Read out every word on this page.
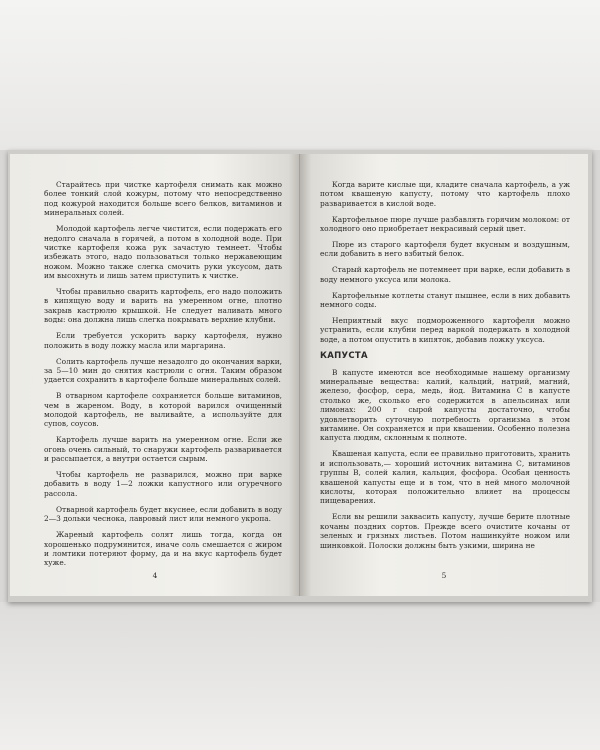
Старайтесь при чистке картофеля снимать как можно более тонкий слой кожуры, потому что непосредственно под кожурой находится больше всего белков, витаминов и минеральных солей.

Молодой картофель легче чистится, если подержать его недолго сначала в горячей, а потом в холодной воде. При чистке картофеля кожа рук зачастую темнеет. Чтобы избежать этого, надо пользоваться только нержавеющим ножом. Можно также слегка смочить руки уксусом, дать им высохнуть и лишь затем приступить к чистке.

Чтобы правильно сварить картофель, его надо положить в кипящую воду и варить на умеренном огне, плотно закрыв кастрюлю крышкой. Не следует наливать много воды: она должна лишь слегка покрывать верхние клубни.

Если требуется ускорить варку картофеля, нужно положить в воду ложку масла или маргарина.

Солить картофель лучше незадолго до окончания варки, за 5—10 мин до снятия кастрюли с огня. Таким образом удается сохранить в картофеле больше минеральных солей.

В отварном картофеле сохраняется больше витаминов, чем в жареном. Воду, в которой варился очищенный молодой картофель, не выливайте, а используйте для супов, соусов.

Картофель лучше варить на умеренном огне. Если же огонь очень сильный, то снаружи картофель разваривается и рассыпается, а внутри остается сырым.

Чтобы картофель не разварился, можно при варке добавить в воду 1—2 ложки капустного или огуречного рассола.

Отварной картофель будет вкуснее, если добавить в воду 2—3 дольки чеснока, лавровый лист или немного укропа.

Жареный картофель солят лишь тогда, когда он хорошенько подрумянится, иначе соль смешается с жиром и ломтики потеряют форму, да и на вкус картофель будет хуже.

4

Когда варите кислые щи, кладите сначала картофель, а уж потом квашеную капусту, потому что картофель плохо разваривается в кислой воде.

Картофельное пюре лучше разбавлять горячим молоком: от холодного оно приобретает некрасивый серый цвет.

Пюре из старого картофеля будет вкусным и воздушным, если добавить в него взбитый белок.

Старый картофель не потемнеет при варке, если добавить в воду немного уксуса или молока.

Картофельные котлеты станут пышнее, если в них добавить немного соды.

Неприятный вкус подмороженного картофеля можно устранить, если клубни перед варкой подержать в холодной воде, а потом опустить в кипяток, добавив ложку уксуса.

КАПУСТА

В капусте имеются все необходимые нашему организму минеральные вещества: калий, кальций, натрий, магний, железо, фосфор, сера, медь, йод. Витамина С в капусте столько же, сколько его содержится в апельсинах или лимонах: 200 г сырой капусты достаточно, чтобы удовлетворить суточную потребность организма в этом витамине. Он сохраняется и при квашении. Особенно полезна капуста людям, склонным к полноте.

Квашеная капуста, если ее правильно приготовить, хранить и использовать,— хороший источник витамина С, витаминов группы B, солей калия, кальция, фосфора. Особая ценность квашеной капусты еще и в том, что в ней много молочной кислоты, которая положительно влияет на процессы пищеварения.

Если вы решили заквасить капусту, лучше берите плотные кочаны поздних сортов. Прежде всего очистите кочаны от зеленых и грязных листьев. Потом нашинкуйте ножом или шинковкой. Полоски должны быть узкими, ширина не

5
